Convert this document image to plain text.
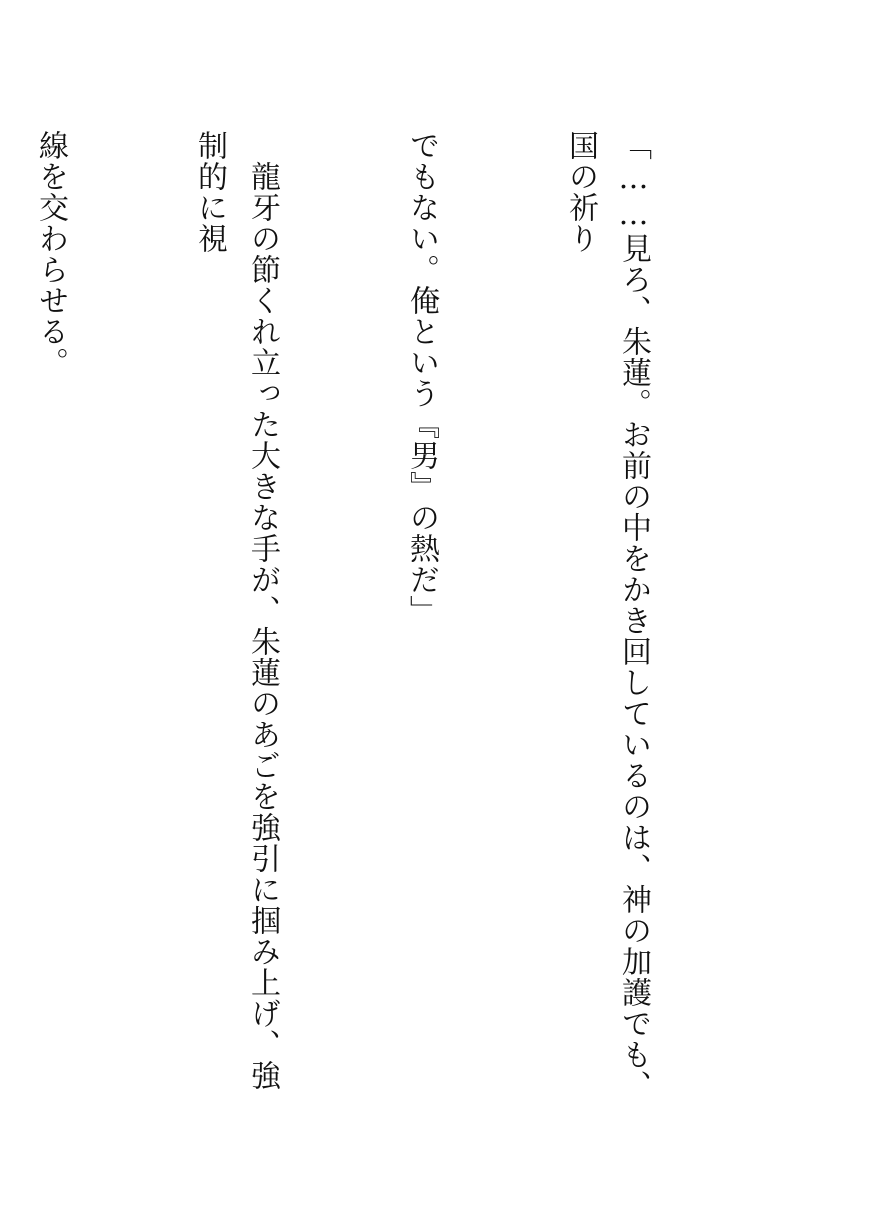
「……見ろ、朱蓮。お前の中をかき回しているのは、神の加護でも、国の祈り

でもない。俺という『男』の熱だ」

　龍牙の節くれ立った大きな手が、朱蓮のあごを強引に掴み上げ、強制的に視

線を交わらせる。
